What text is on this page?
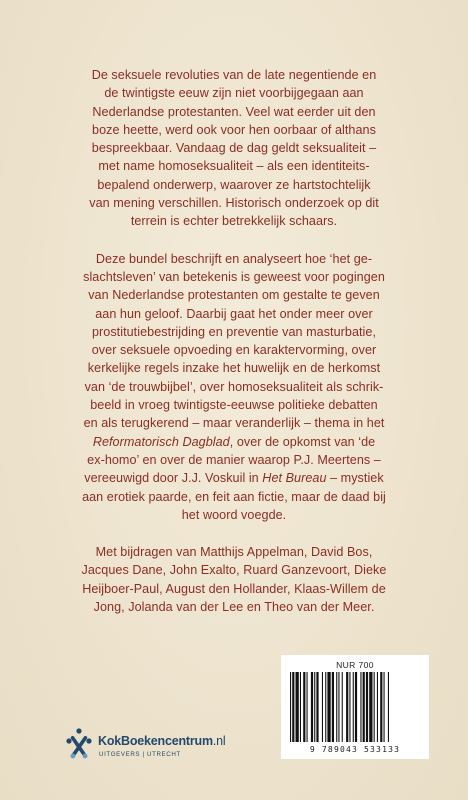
De seksuele revoluties van de late negentiende en
de twintigste eeuw zijn niet voorbijgegaan aan
Nederlandse protestanten. Veel wat eerder uit den
boze heette, werd ook voor hen oorbaar of althans
bespreekbaar. Vandaag de dag geldt seksualiteit –
met name homoseksualiteit – als een identiteits-
bepalend onderwerp, waarover ze hartstochtelijk
van mening verschillen. Historisch onderzoek op dit
terrein is echter betrekkelijk schaars.

Deze bundel beschrijft en analyseert hoe ‘het ge-
slachtsleven’ van betekenis is geweest voor pogingen
van Nederlandse protestanten om gestalte te geven
aan hun geloof. Daarbij gaat het onder meer over
prostitutiebestrijding en preventie van masturbatie,
over seksuele opvoeding en karaktervorming, over
kerkelijke regels inzake het huwelijk en de herkomst
van ‘de trouwbijbel’, over homoseksualiteit als schrik-
beeld in vroeg twintigste-eeuwse politieke debatten
en als terugkerend – maar veranderlijk – thema in het
Reformatorisch Dagblad, over de opkomst van ‘de
ex-homo’ en over de manier waarop P.J. Meertens –
vereeuwigd door J.J. Voskuil in Het Bureau – mystiek
aan erotiek paarde, en feit aan fictie, maar de daad bij
het woord voegde.

Met bijdragen van Matthijs Appelman, David Bos,
Jacques Dane, John Exalto, Ruard Ganzevoort, Dieke
Heijboer-Paul, August den Hollander, Klaas-Willem de
Jong, Jolanda van der Lee en Theo van der Meer.

KokBoekencentrum.nl
UITGEVERS | UTRECHT
NUR 700
9 789043 533133
